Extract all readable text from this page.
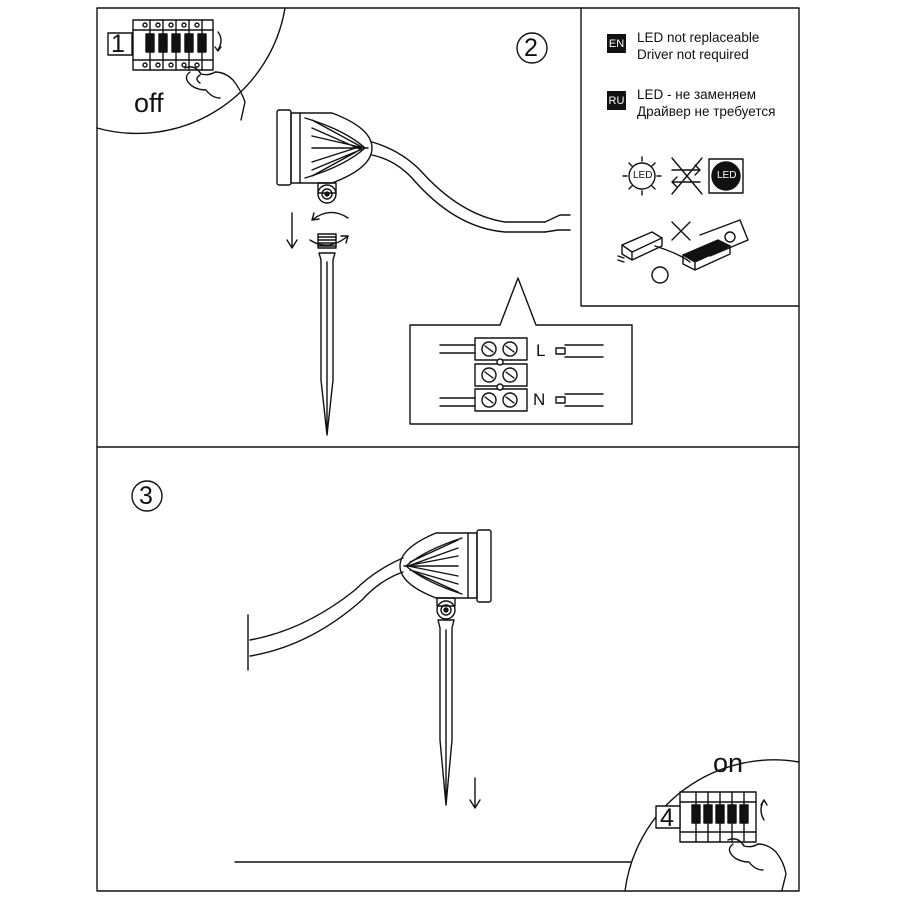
1
off
2	EN LED not replaceable
Driver not required
RU LED - не заменяем
Драйвер не требуется
LED	LED
L
N
3
on
4
